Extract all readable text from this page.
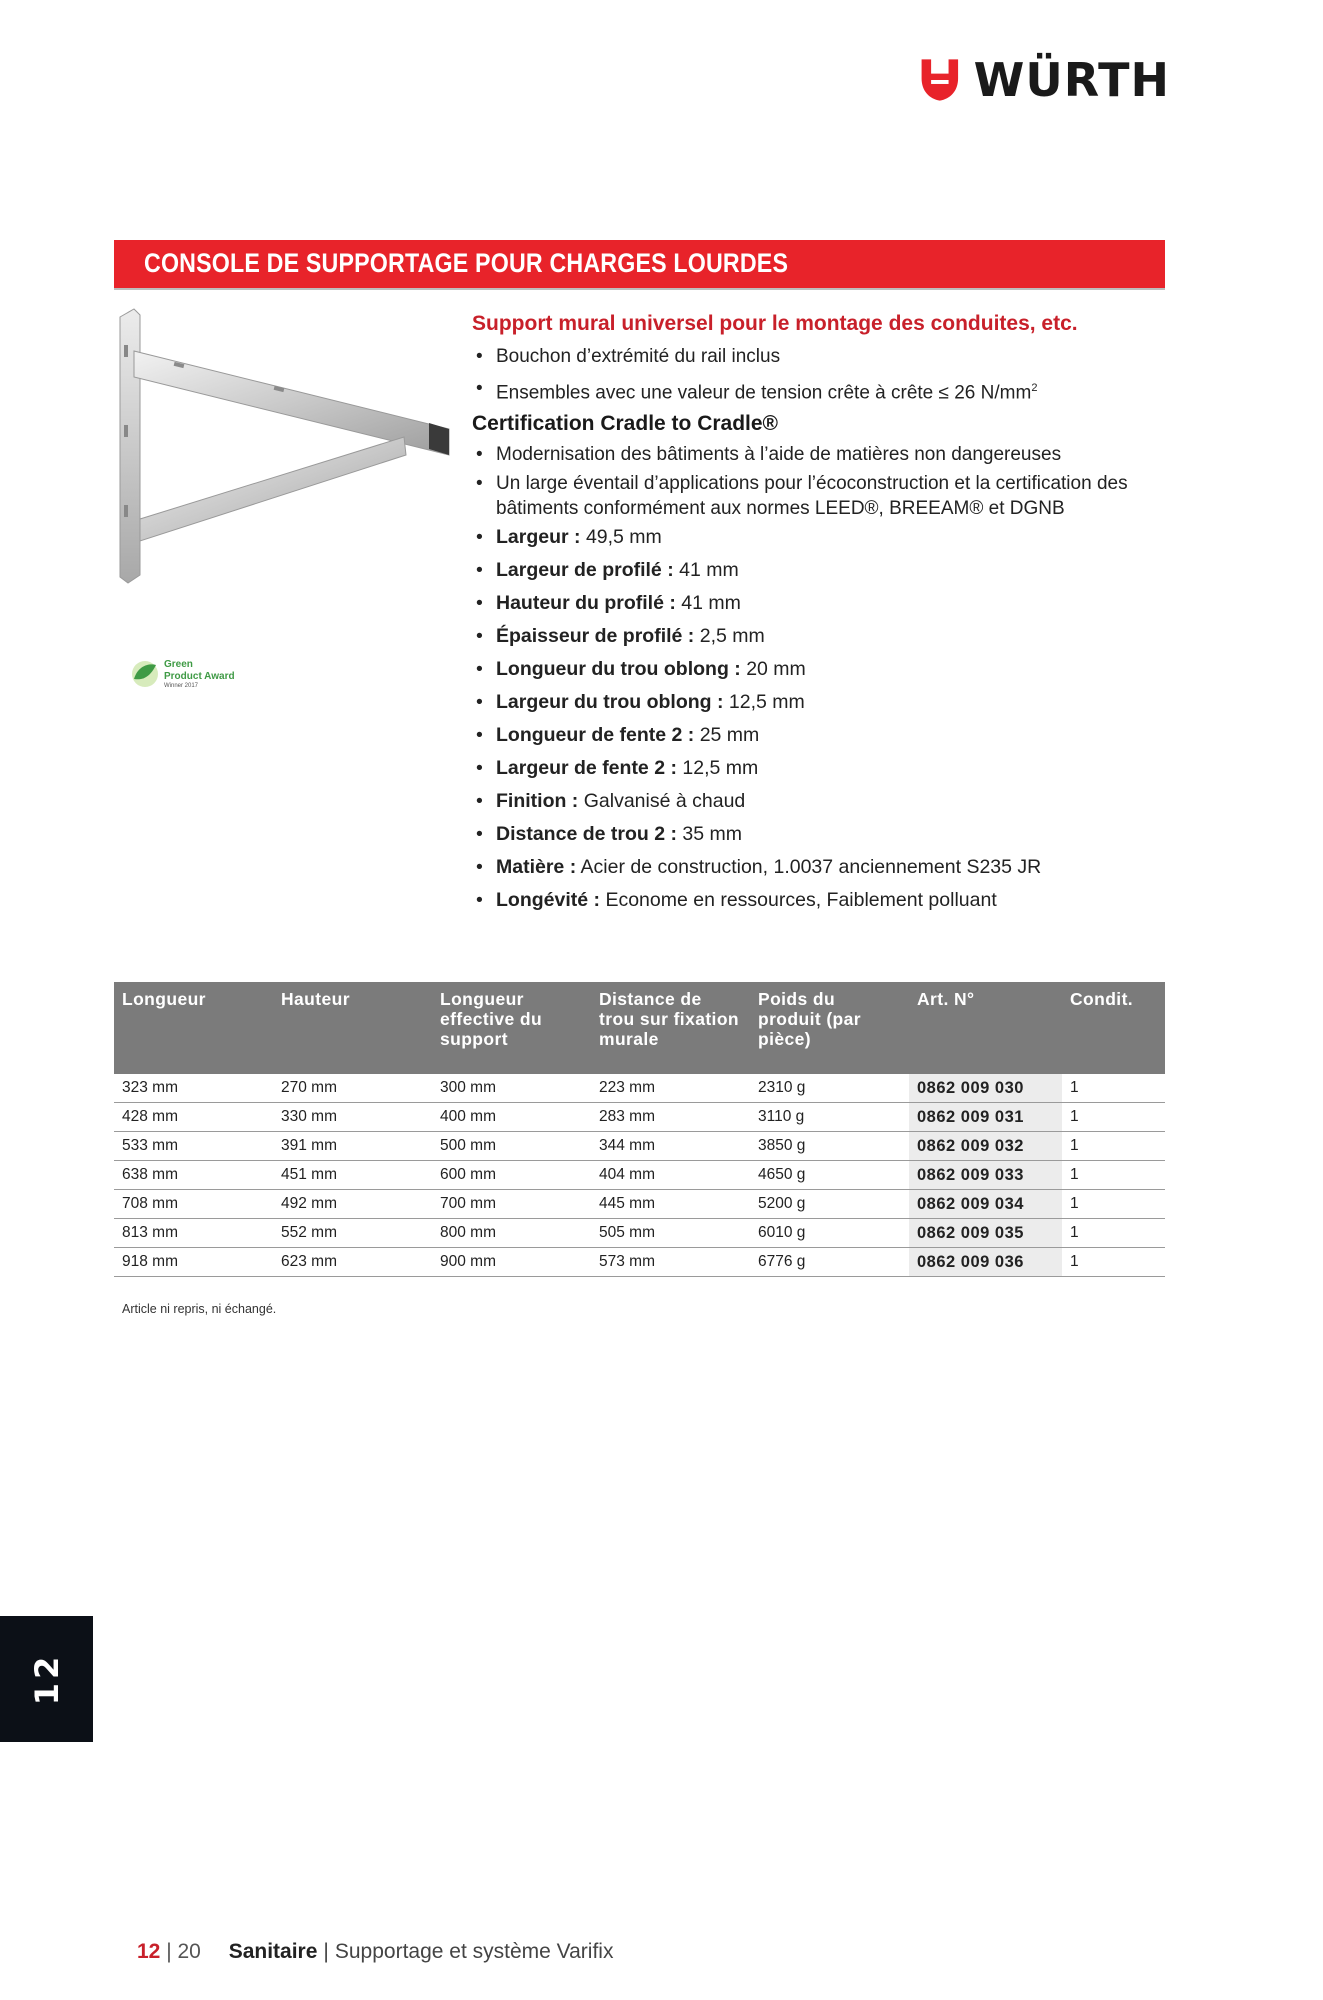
WÜRTH
CONSOLE DE SUPPORTAGE POUR CHARGES LOURDES
Green
Product Award
Winner 2017
Support mural universel pour le montage des conduites, etc.
• Bouchon d’extrémité du rail inclus
• Ensembles avec une valeur de tension crête à crête ≤ 26 $N/mm^2$
Certification Cradle to Cradle®
• Modernisation des bâtiments à l’aide de matières non dangereuses
• Un large éventail d’applications pour l’écoconstruction et la certification des bâtiments conformément aux normes LEED®, BREEAM® et DGNB
• Largeur : 49,5 mm
• Largeur de profilé : 41 mm
• Hauteur du profilé : 41 mm
• Épaisseur de profilé : 2,5 mm
• Longueur du trou oblong : 20 mm
• Largeur du trou oblong : 12,5 mm
• Longueur de fente 2 : 25 mm
• Largeur de fente 2 : 12,5 mm
• Finition : Galvanisé à chaud
• Distance de trou 2 : 35 mm
• Matière : Acier de construction, 1.0037 anciennement S235 JR
• Longévité : Econome en ressources, Faiblement polluant
Longueur	Hauteur	Longueur effective du support	Distance de trou sur fixation murale	Poids du produit (par pièce)	Art. N°	Condit.
323 mm	270 mm	300 mm	223 mm	2310 g	0862 009 030	1
428 mm	330 mm	400 mm	283 mm	3110 g	0862 009 031	1
533 mm	391 mm	500 mm	344 mm	3850 g	0862 009 032	1
638 mm	451 mm	600 mm	404 mm	4650 g	0862 009 033	1
708 mm	492 mm	700 mm	445 mm	5200 g	0862 009 034	1
813 mm	552 mm	800 mm	505 mm	6010 g	0862 009 035	1
918 mm	623 mm	900 mm	573 mm	6776 g	0862 009 036	1
Article ni repris, ni échangé.
12
12 | 20 Sanitaire | Supportage et système Varifix
